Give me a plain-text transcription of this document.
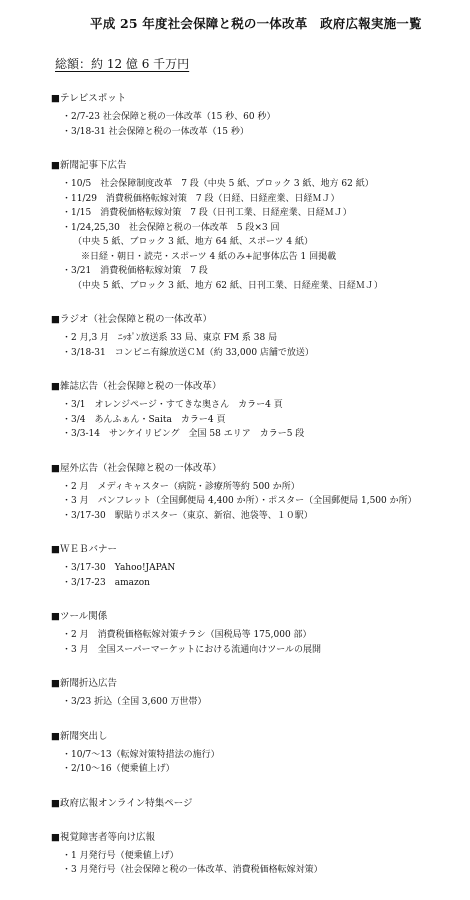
平成 25 年度社会保障と税の一体改革　政府広報実施一覧
総額：約 12 億 6 千万円
■テレビスポット
・2/7-23 社会保障と税の一体改革（15 秒、60 秒）
・3/18-31 社会保障と税の一体改革（15 秒）
■新聞記事下広告
・10/5　社会保障制度改革　7 段（中央 5 紙、ブロック 3 紙、地方 62 紙）
・11/29　消費税価格転嫁対策　7 段（日経、日経産業、日経ＭＪ）
・1/15　消費税価格転嫁対策　7 段（日刊工業、日経産業、日経ＭＪ）
・1/24,25,30　社会保障と税の一体改革　5 段×3 回
（中央 5 紙、ブロック 3 紙、地方 64 紙、スポーツ 4 紙）
※日経・朝日・読売・スポーツ 4 紙のみ+記事体広告 1 回掲載
・3/21　消費税価格転嫁対策　7 段
（中央 5 紙、ブロック 3 紙、地方 62 紙、日刊工業、日経産業、日経ＭＪ）
■ラジオ（社会保障と税の一体改革）
・2 月,3 月　ﾆｯﾎﾟﾝ放送系 33 局、東京 FM 系 38 局
・3/18-31　コンビニ有線放送ＣＭ（約 33,000 店舗で放送）
■雑誌広告（社会保障と税の一体改革）
・3/1　オレンジページ・すてきな奥さん　カラー4 頁
・3/4　あんふぁん・Saita　カラー4 頁
・3/3-14　サンケイリビング　全国 58 エリア　カラー5 段
■屋外広告（社会保障と税の一体改革）
・2 月　メディキャスター（病院・診療所等約 500 か所）
・3 月　パンフレット（全国郵便局 4,400 か所）・ポスター（全国郵便局 1,500 か所）
・3/17-30　駅貼りポスター（東京、新宿、池袋等、１０駅）
■ＷＥＢバナー
・3/17-30　Yahoo!JAPAN
・3/17-23　amazon
■ツール関係
・2 月　消費税価格転嫁対策チラシ（国税局等 175,000 部）
・3 月　全国スーパーマーケットにおける流通向けツールの展開
■新聞折込広告
・3/23 折込（全国 3,600 万世帯）
■新聞突出し
・10/7～13（転嫁対策特措法の施行）
・2/10～16（便乗値上げ）
■政府広報オンライン特集ページ
■視覚障害者等向け広報
・1 月発行号（便乗値上げ）
・3 月発行号（社会保障と税の一体改革、消費税価格転嫁対策）
